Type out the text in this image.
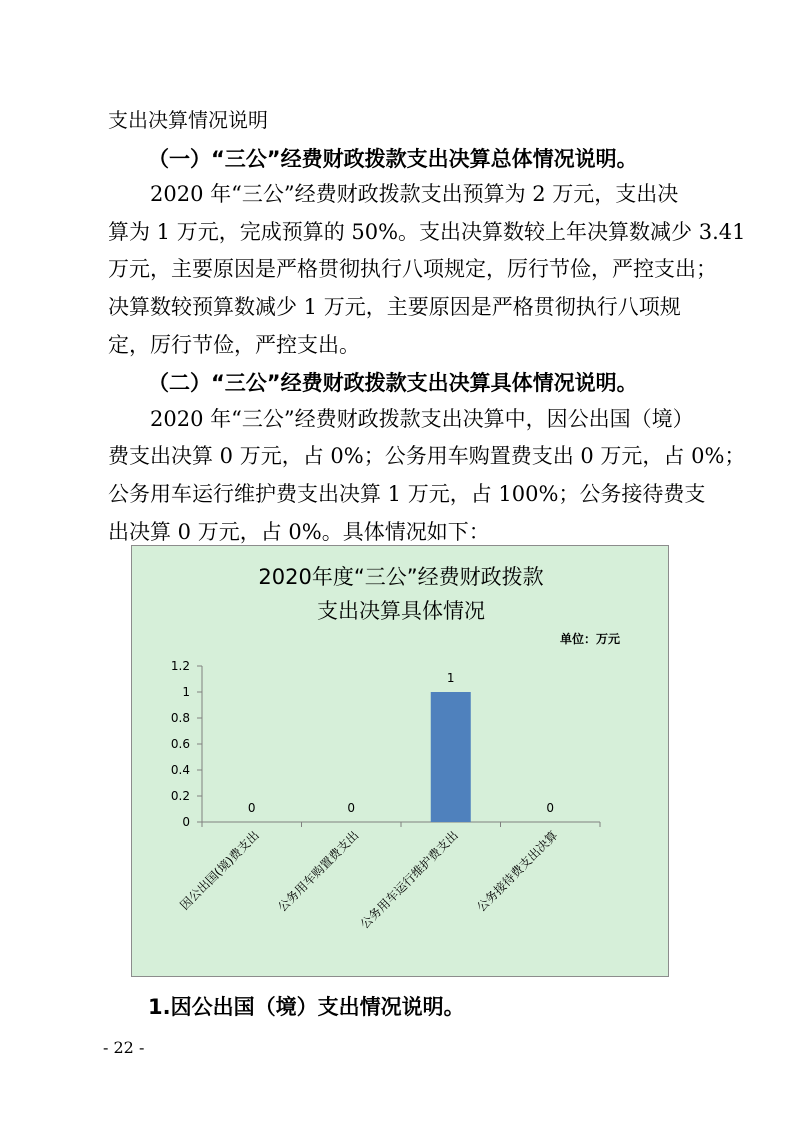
支出决算情况说明
（一）“三公”经费财政拨款支出决算总体情况说明。
2020 年“三公”经费财政拨款支出预算为 2 万元，支出决
算为 1 万元，完成预算的 50%。支出决算数较上年决算数减少 3.41
万元，主要原因是严格贯彻执行八项规定，厉行节俭，严控支出；
决算数较预算数减少 1 万元，主要原因是严格贯彻执行八项规
定，厉行节俭，严控支出。
（二）“三公”经费财政拨款支出决算具体情况说明。
2020 年“三公”经费财政拨款支出决算中，因公出国（境）
费支出决算 0 万元，占 0%；公务用车购置费支出 0 万元，占 0%；
公务用车运行维护费支出决算 1 万元，占 100%；公务接待费支
出决算 0 万元，占 0%。具体情况如下：
2020年度“三公”经费财政拨款
支出决算具体情况
单位：万元
0
0.2
0.4
0.6
0.8
1
1.2
0
因公出国(境)费支出
0
公务用车购置费支出
1
公务用车运行维护费支出
0
公务接待费支出决算
1.因公出国（境）支出情况说明。
- 22 -
